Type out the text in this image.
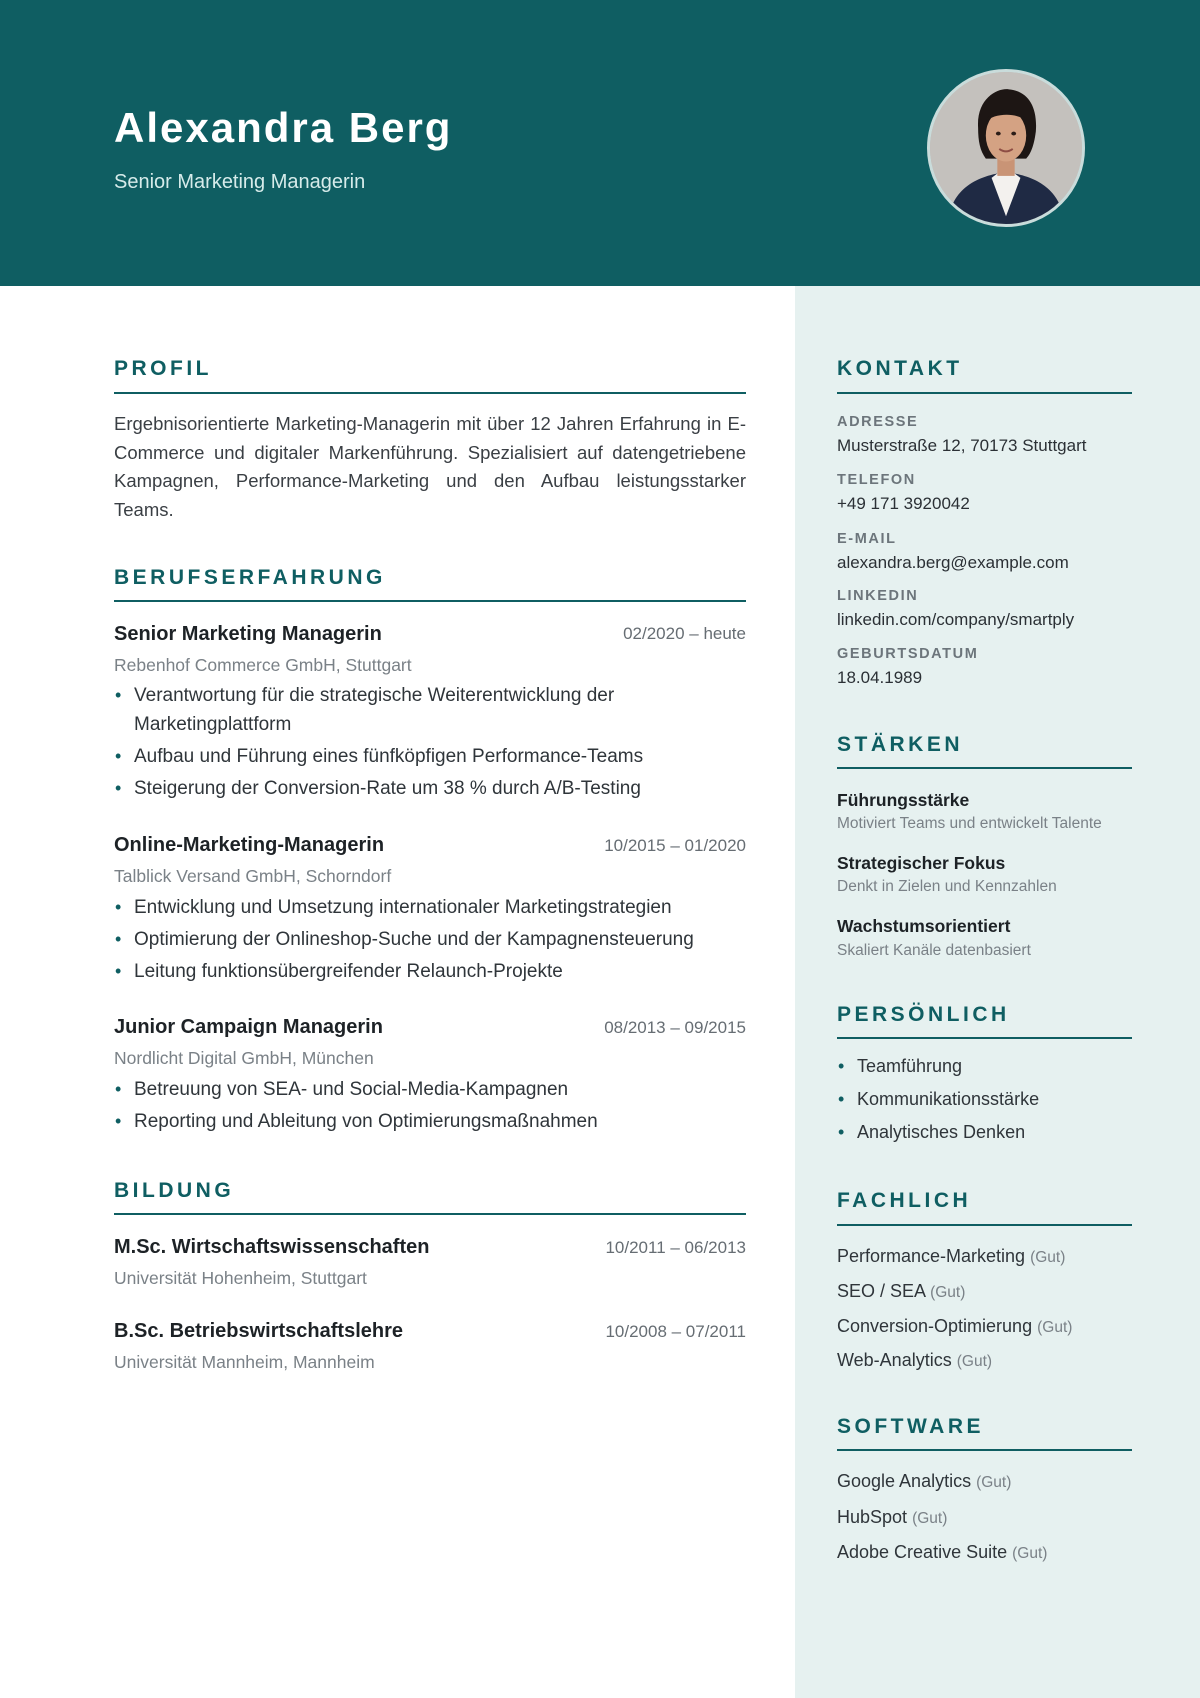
Alexandra Berg
Senior Marketing Managerin
PROFIL
Ergebnisorientierte Marketing-Managerin mit über 12 Jahren Erfahrung in E-Commerce und digitaler Markenführung. Spezialisiert auf datengetriebene Kampagnen, Performance-Marketing und den Aufbau leistungsstarker Teams.
BERUFSERFAHRUNG
Senior Marketing Managerin	02/2020 – heute
Rebenhof Commerce GmbH, Stuttgart
• Verantwortung für die strategische Weiterentwicklung der Marketingplattform
• Aufbau und Führung eines fünfköpfigen Performance-Teams
• Steigerung der Conversion-Rate um 38 % durch A/B-Testing
Online-Marketing-Managerin	10/2015 – 01/2020
Talblick Versand GmbH, Schorndorf
• Entwicklung und Umsetzung internationaler Marketingstrategien
• Optimierung der Onlineshop-Suche und der Kampagnensteuerung
• Leitung funktionsübergreifender Relaunch-Projekte
Junior Campaign Managerin	08/2013 – 09/2015
Nordlicht Digital GmbH, München
• Betreuung von SEA- und Social-Media-Kampagnen
• Reporting und Ableitung von Optimierungsmaßnahmen
BILDUNG
M.Sc. Wirtschaftswissenschaften	10/2011 – 06/2013
Universität Hohenheim, Stuttgart
B.Sc. Betriebswirtschaftslehre	10/2008 – 07/2011
Universität Mannheim, Mannheim
KONTAKT
ADRESSE
Musterstraße 12, 70173 Stuttgart
TELEFON
+49 171 3920042
E-MAIL
alexandra.berg@example.com
LINKEDIN
linkedin.com/company/smartply
GEBURTSDATUM
18.04.1989
STÄRKEN
Führungsstärke
Motiviert Teams und entwickelt Talente
Strategischer Fokus
Denkt in Zielen und Kennzahlen
Wachstumsorientiert
Skaliert Kanäle datenbasiert
PERSÖNLICH
• Teamführung
• Kommunikationsstärke
• Analytisches Denken
FACHLICH
Performance-Marketing (Gut)
SEO / SEA (Gut)
Conversion-Optimierung (Gut)
Web-Analytics (Gut)
SOFTWARE
Google Analytics (Gut)
HubSpot (Gut)
Adobe Creative Suite (Gut)
